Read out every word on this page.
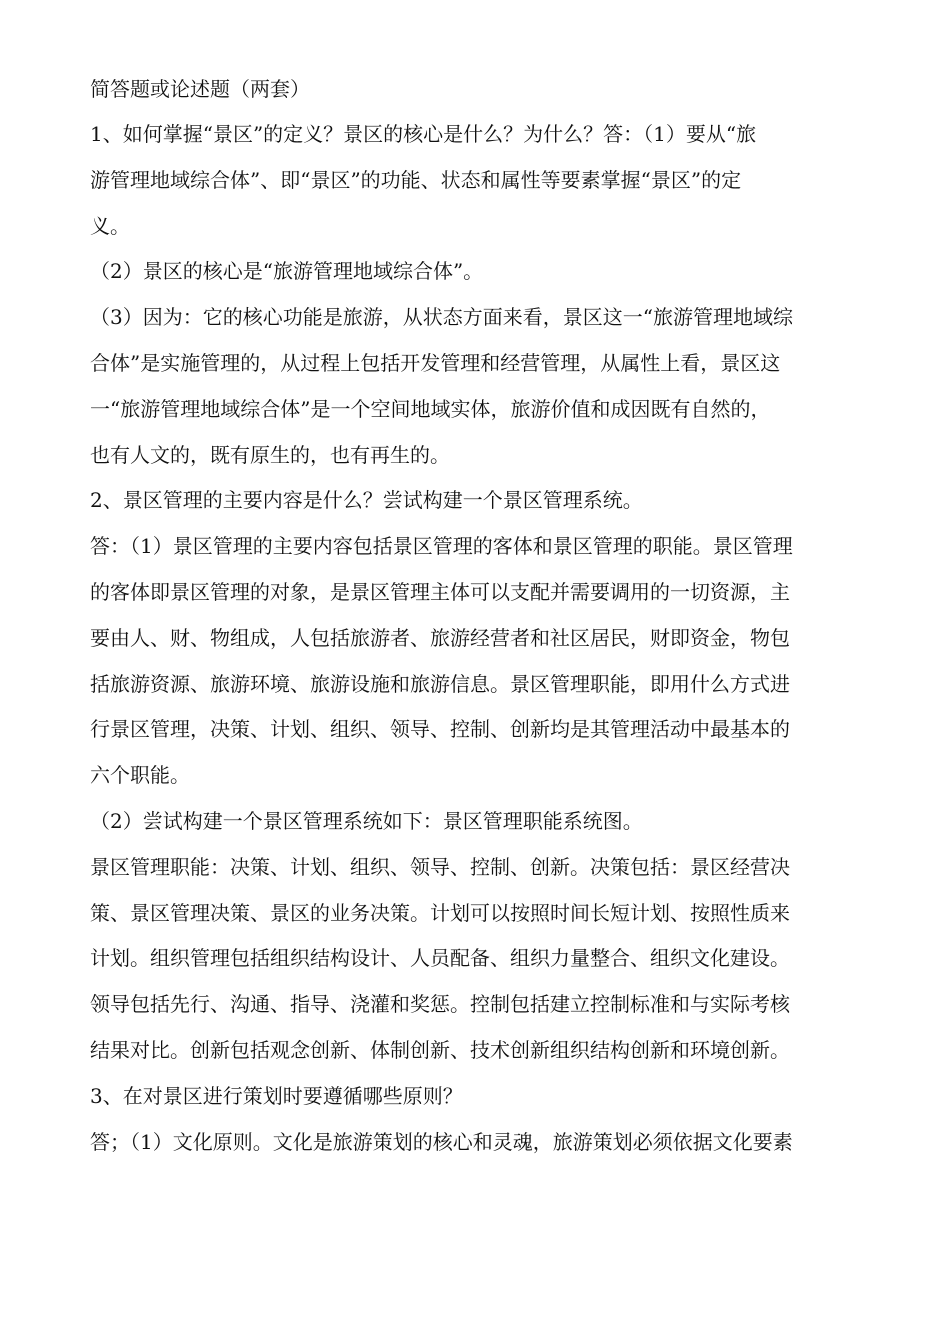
简答题或论述题（两套）
1、如何掌握“景区”的定义？景区的核心是什么？为什么？答：（1）要从“旅
游管理地域综合体”、即“景区”的功能、状态和属性等要素掌握“景区”的定
义。
（2）景区的核心是“旅游管理地域综合体”。
（3）因为：它的核心功能是旅游，从状态方面来看，景区这一“旅游管理地域综
合体”是实施管理的，从过程上包括开发管理和经营管理，从属性上看，景区这
一“旅游管理地域综合体”是一个空间地域实体，旅游价值和成因既有自然的，
也有人文的，既有原生的，也有再生的。
2、景区管理的主要内容是什么？尝试构建一个景区管理系统。
答：（1）景区管理的主要内容包括景区管理的客体和景区管理的职能。景区管理
的客体即景区管理的对象，是景区管理主体可以支配并需要调用的一切资源，主
要由人、财、物组成，人包括旅游者、旅游经营者和社区居民，财即资金，物包
括旅游资源、旅游环境、旅游设施和旅游信息。景区管理职能，即用什么方式进
行景区管理，决策、计划、组织、领导、控制、创新均是其管理活动中最基本的
六个职能。
（2）尝试构建一个景区管理系统如下：景区管理职能系统图。
景区管理职能：决策、计划、组织、领导、控制、创新。决策包括：景区经营决
策、景区管理决策、景区的业务决策。计划可以按照时间长短计划、按照性质来
计划。组织管理包括组织结构设计、人员配备、组织力量整合、组织文化建设。
领导包括先行、沟通、指导、浇灌和奖惩。控制包括建立控制标准和与实际考核
结果对比。创新包括观念创新、体制创新、技术创新组织结构创新和环境创新。
3、在对景区进行策划时要遵循哪些原则？
答；（1）文化原则。文化是旅游策划的核心和灵魂，旅游策划必须依据文化要素
